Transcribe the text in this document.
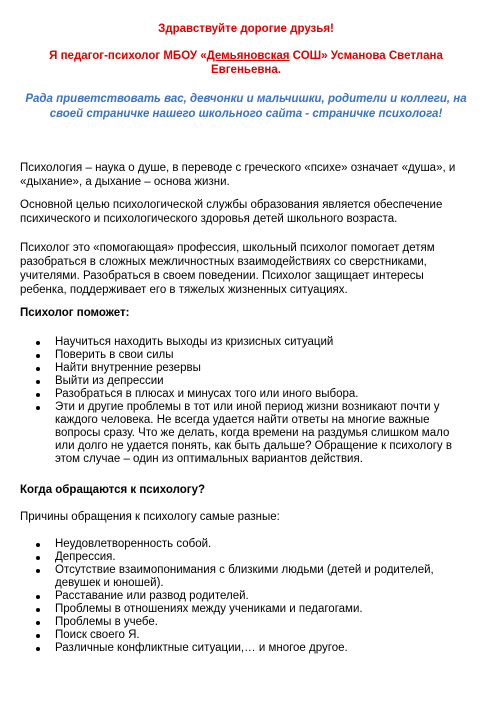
Здравствуйте дорогие друзья!
Я педагог-психолог МБОУ «Демьяновская СОШ» Усманова Светлана Евгеньевна.
Рада приветствовать вас, девчонки и мальчишки, родители и коллеги, на своей страничке нашего школьного сайта - страничке психолога!
Психология – наука о душе, в переводе с греческого «психе» означает «душа», и «дыхание», а дыхание – основа жизни.
Основной целью психологической службы образования является обеспечение психического и психологического здоровья детей школьного возраста.
Психолог это «помогающая» профессия, школьный психолог помогает детям разобраться в сложных межличностных взаимодействиях со сверстниками, учителями. Разобраться в своем поведении. Психолог защищает интересы ребенка, поддерживает его в тяжелых жизненных ситуациях.
Психолог поможет:
Научиться находить выходы из кризисных ситуаций
Поверить в свои силы
Найти внутренние резервы
Выйти из депрессии
Разобраться в плюсах и минусах того или иного выбора.
Эти и другие проблемы в тот или иной период жизни возникают почти у каждого человека. Не всегда удается найти ответы на многие важные вопросы сразу. Что же делать, когда времени на раздумья слишком мало или долго не удается понять, как быть дальше? Обращение к психологу в этом случае – один из оптимальных вариантов действия.
Когда обращаются к психологу?
Причины обращения к психологу самые разные:
Неудовлетворенность собой.
Депрессия.
Отсутствие взаимопонимания с близкими людьми (детей и родителей, девушек и юношей).
Расставание или развод родителей.
Проблемы в отношениях между учениками и педагогами.
Проблемы в учебе.
Поиск своего Я.
Различные конфликтные ситуации,… и многое другое.
